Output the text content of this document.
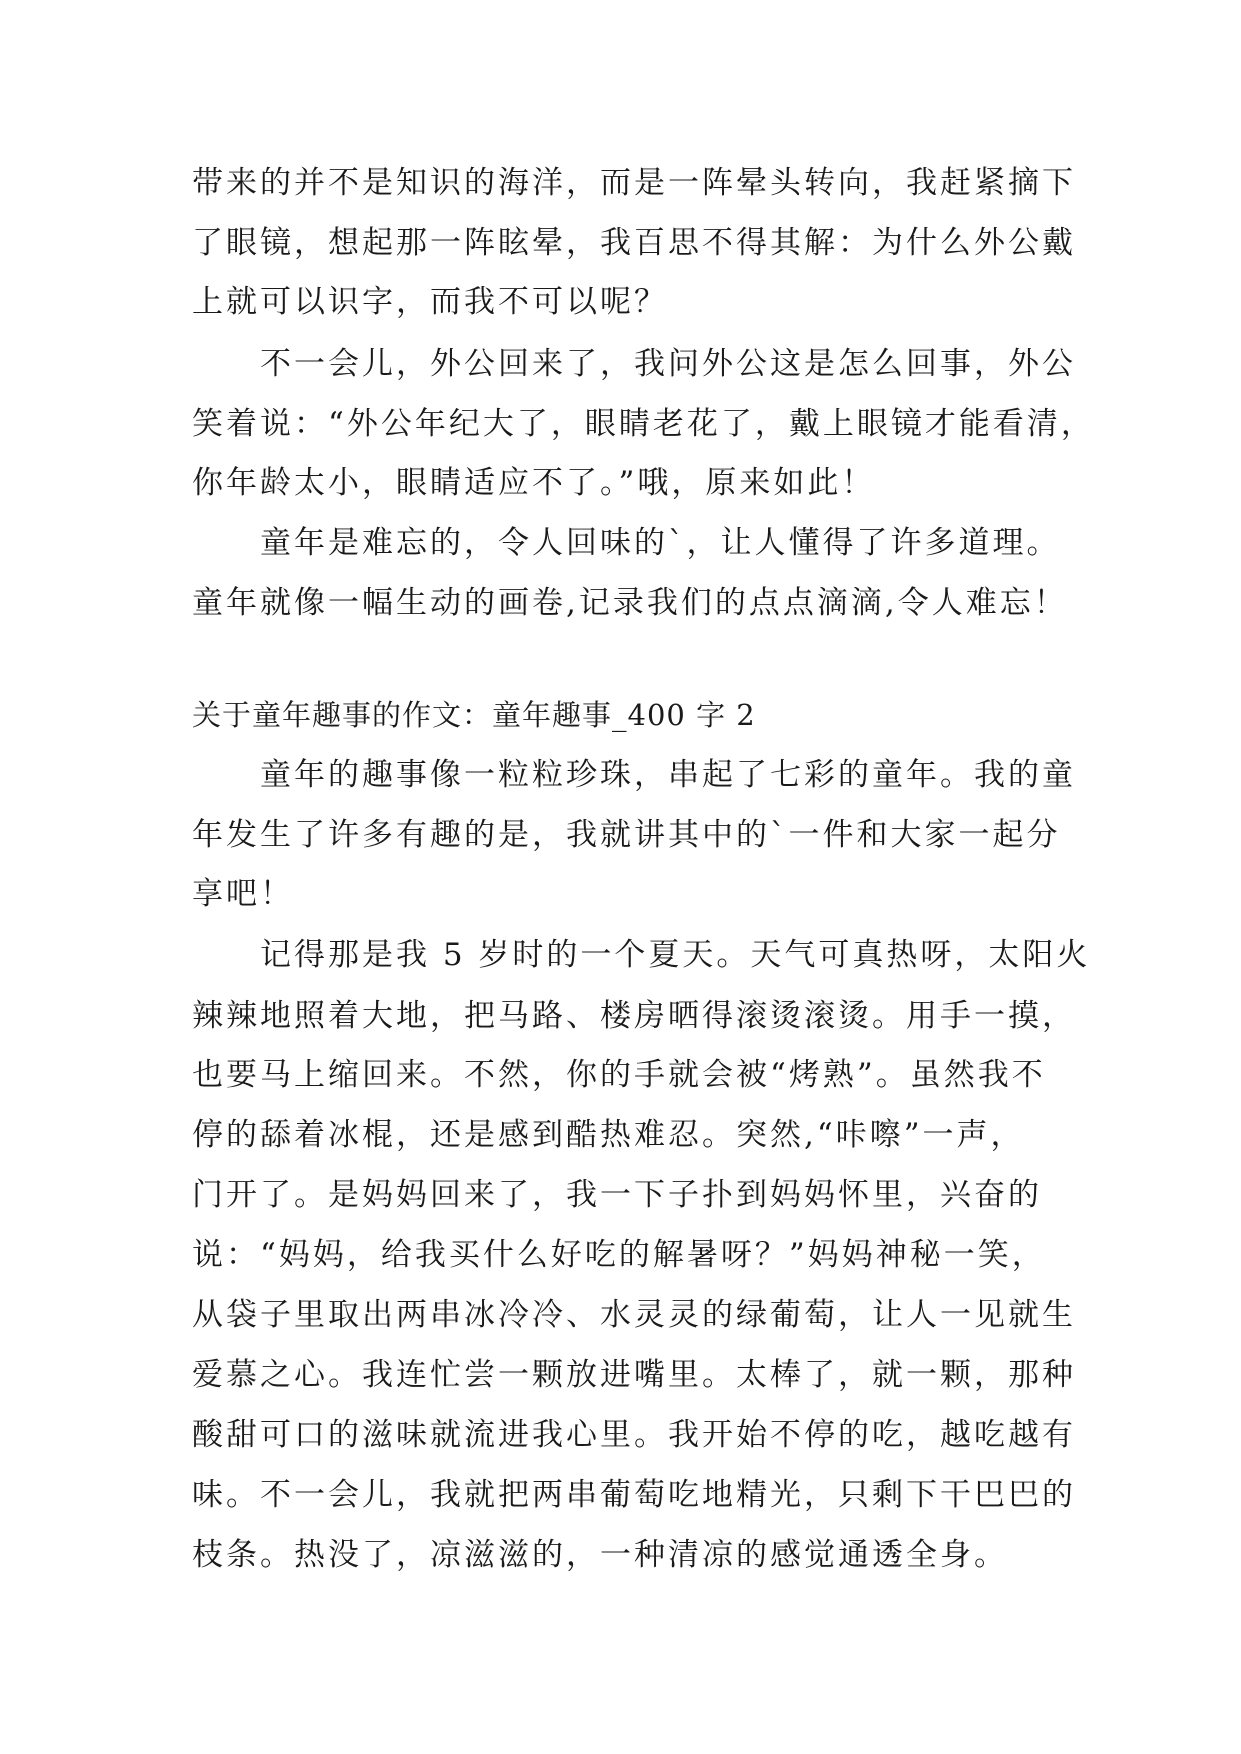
带来的并不是知识的海洋，而是一阵晕头转向，我赶紧摘下
了眼镜，想起那一阵眩晕，我百思不得其解：为什么外公戴
上就可以识字，而我不可以呢？
　　不一会儿，外公回来了，我问外公这是怎么回事，外公
笑着说：“外公年纪大了，眼睛老花了，戴上眼镜才能看清，
你年龄太小，眼睛适应不了。”哦，原来如此！
　　童年是难忘的，令人回味的`，让人懂得了许多道理。
童年就像一幅生动的画卷,记录我们的点点滴滴,令人难忘！
关于童年趣事的作文：童年趣事_400 字 2
　　童年的趣事像一粒粒珍珠，串起了七彩的童年。我的童
年发生了许多有趣的是，我就讲其中的`一件和大家一起分
享吧！
　　记得那是我 5 岁时的一个夏天。天气可真热呀，太阳火
辣辣地照着大地，把马路、楼房晒得滚烫滚烫。用手一摸，
也要马上缩回来。不然，你的手就会被“烤熟”。虽然我不
停的舔着冰棍，还是感到酷热难忍。突然,“咔嚓”一声，
门开了。是妈妈回来了，我一下子扑到妈妈怀里，兴奋的
说：“妈妈，给我买什么好吃的解暑呀？”妈妈神秘一笑，
从袋子里取出两串冰冷冷、水灵灵的绿葡萄，让人一见就生
爱慕之心。我连忙尝一颗放进嘴里。太棒了，就一颗，那种
酸甜可口的滋味就流进我心里。我开始不停的吃，越吃越有
味。不一会儿，我就把两串葡萄吃地精光，只剩下干巴巴的
枝条。热没了，凉滋滋的，一种清凉的感觉通透全身。
